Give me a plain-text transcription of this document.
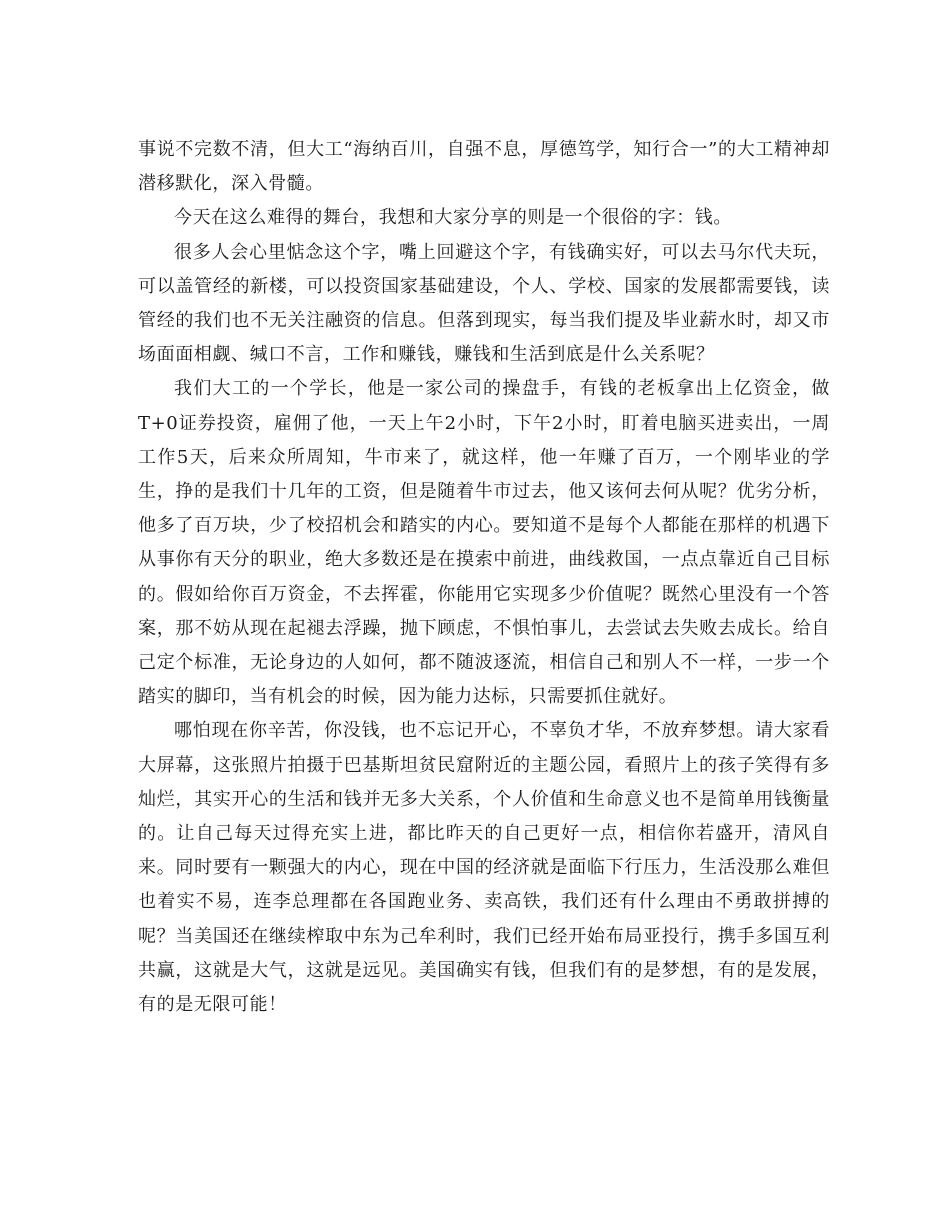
事说不完数不清，但大工“海纳百川，自强不息，厚德笃学，知行合一”的大工精神却潜移默化，深入骨髓。

今天在这么难得的舞台，我想和大家分享的则是一个很俗的字：钱。

很多人会心里惦念这个字，嘴上回避这个字，有钱确实好，可以去马尔代夫玩，可以盖管经的新楼，可以投资国家基础建设，个人、学校、国家的发展都需要钱，读管经的我们也不无关注融资的信息。但落到现实，每当我们提及毕业薪水时，却又市场面面相觑、缄口不言，工作和赚钱，赚钱和生活到底是什么关系呢？

我们大工的一个学长，他是一家公司的操盘手，有钱的老板拿出上亿资金，做T+0证券投资，雇佣了他，一天上午2小时，下午2小时，盯着电脑买进卖出，一周工作5天，后来众所周知，牛市来了，就这样，他一年赚了百万，一个刚毕业的学生，挣的是我们十几年的工资，但是随着牛市过去，他又该何去何从呢？优劣分析，他多了百万块，少了校招机会和踏实的内心。要知道不是每个人都能在那样的机遇下从事你有天分的职业，绝大多数还是在摸索中前进，曲线救国，一点点靠近自己目标的。假如给你百万资金，不去挥霍，你能用它实现多少价值呢？既然心里没有一个答案，那不妨从现在起褪去浮躁，抛下顾虑，不惧怕事儿，去尝试去失败去成长。给自己定个标准，无论身边的人如何，都不随波逐流，相信自己和别人不一样，一步一个踏实的脚印，当有机会的时候，因为能力达标，只需要抓住就好。

哪怕现在你辛苦，你没钱，也不忘记开心，不辜负才华，不放弃梦想。请大家看大屏幕，这张照片拍摄于巴基斯坦贫民窟附近的主题公园，看照片上的孩子笑得有多灿烂，其实开心的生活和钱并无多大关系，个人价值和生命意义也不是简单用钱衡量的。让自己每天过得充实上进，都比昨天的自己更好一点，相信你若盛开，清风自来。同时要有一颗强大的内心，现在中国的经济就是面临下行压力，生活没那么难但也着实不易，连李总理都在各国跑业务、卖高铁，我们还有什么理由不勇敢拼搏的呢？当美国还在继续榨取中东为己牟利时，我们已经开始布局亚投行，携手多国互利共赢，这就是大气，这就是远见。美国确实有钱，但我们有的是梦想，有的是发展，有的是无限可能！
